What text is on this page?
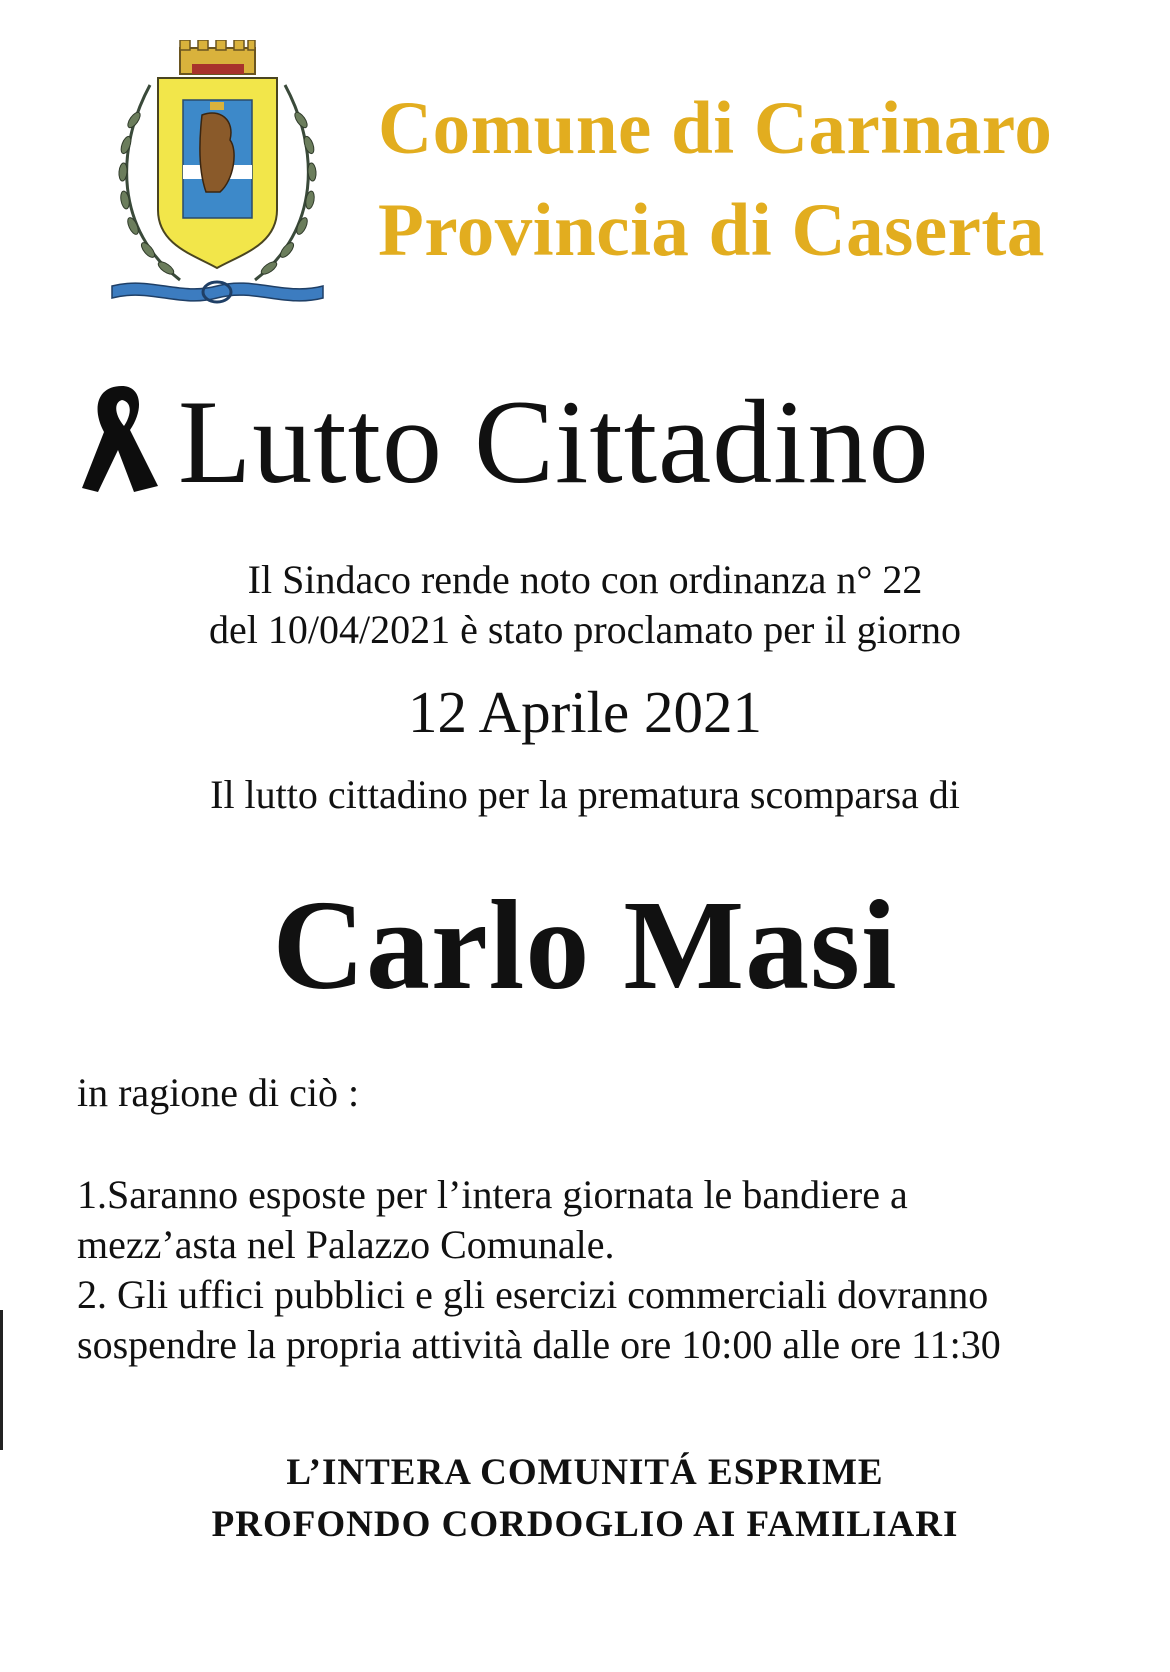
Comune di Carinaro
Provincia di Caserta
Lutto Cittadino
Il Sindaco rende noto con ordinanza n° 22
del 10/04/2021 è stato proclamato per il giorno
12 Aprile 2021
Il lutto cittadino per la prematura scomparsa di
Carlo Masi
in ragione di ciò :
1.Saranno esposte per l’intera giornata le bandiere a
mezz’asta nel Palazzo Comunale.
2. Gli uffici pubblici e gli esercizi commerciali dovranno
sospendre la propria attività dalle ore 10:00 alle ore 11:30
L’INTERA COMUNITÁ ESPRIME
PROFONDO CORDOGLIO AI FAMILIARI
